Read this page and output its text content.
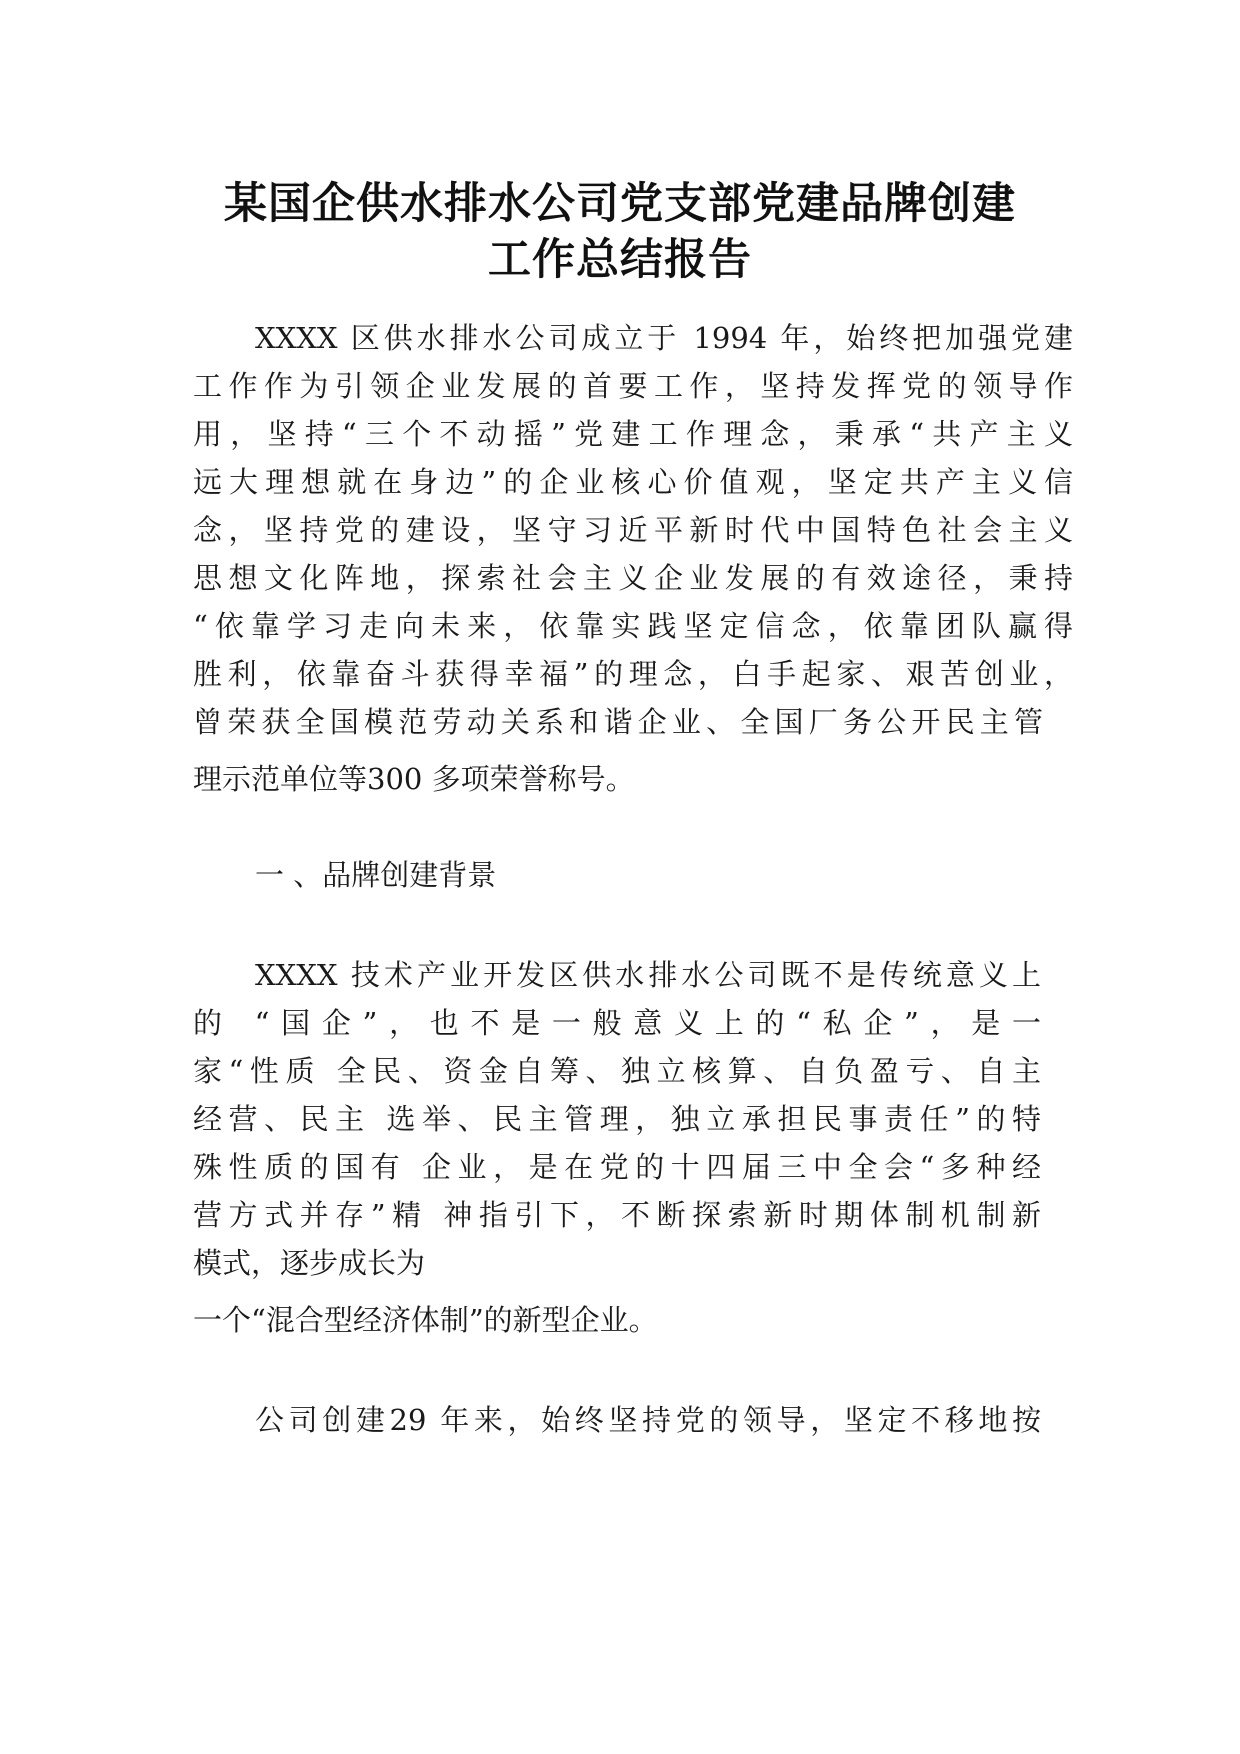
某国企供水排水公司党支部党建品牌创建
工作总结报告
XXXX 区供水排水公司成立于 1994 年，始终把加强党建
工作作为引领企业发展的首要工作，坚持发挥党的领导作
用，坚持“三个不动摇”党建工作理念，秉承“共产主义
远大理想就在身边”的企业核心价值观，坚定共产主义信
念，坚持党的建设，坚守习近平新时代中国特色社会主义
思想文化阵地，探索社会主义企业发展的有效途径，秉持
“依靠学习走向未来，依靠实践坚定信念，依靠团队赢得
胜利，依靠奋斗获得幸福”的理念，白手起家、艰苦创业，
曾荣获全国模范劳动关系和谐企业、全国厂务公开民主管
理示范单位等300 多项荣誉称号。
一 、品牌创建背景
XXXX 技术产业开发区供水排水公司既不是传统意义上
的 “国企”，也不是一般意义上的“私企”，是一
家“性质 全民、资金自筹、独立核算、自负盈亏、自主
经营、民主 选举、民主管理，独立承担民事责任”的特
殊性质的国有 企业，是在党的十四届三中全会“多种经
营方式并存”精 神指引下，不断探索新时期体制机制新
模式，逐步成长为
一个“混合型经济体制”的新型企业。
公司创建29 年来，始终坚持党的领导，坚定不移地按
